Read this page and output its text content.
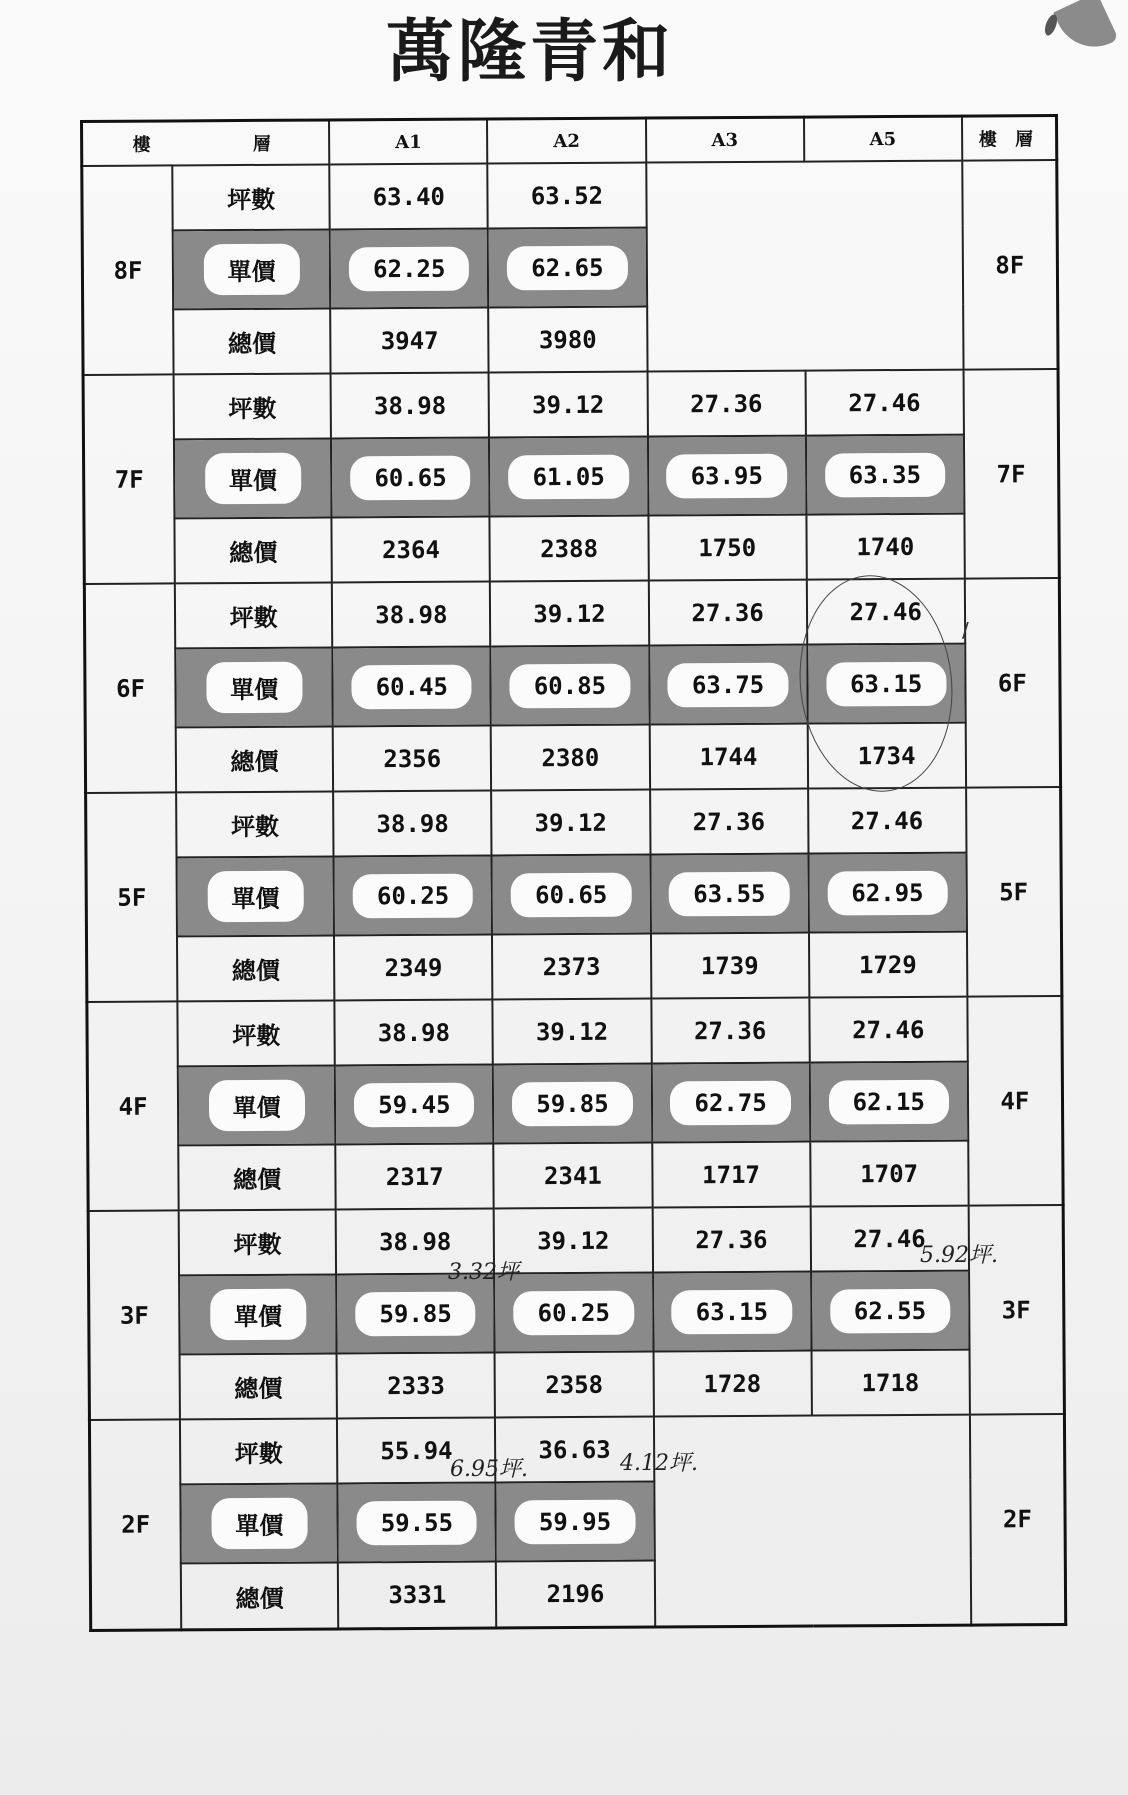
萬隆青和
樓 層		A1	A2	A3	A5	樓 層
8F	坪數	63.40	63.52			8F
	單價	62.25	62.65			
	總價	3947	3980			
7F	坪數	38.98	39.12	27.36	27.46	7F
	單價	60.65	61.05	63.95	63.35	
	總價	2364	2388	1750	1740	
6F	坪數	38.98	39.12	27.36	27.46	6F
	單價	60.45	60.85	63.75	63.15	
	總價	2356	2380	1744	1734	
5F	坪數	38.98	39.12	27.36	27.46	5F
	單價	60.25	60.65	63.55	62.95	
	總價	2349	2373	1739	1729	
4F	坪數	38.98	39.12	27.36	27.46	4F
	單價	59.45	59.85	62.75	62.15	
	總價	2317	2341	1717	1707	
3F	坪數	38.98	39.12	27.36	27.46	3F
	單價	59.85	60.25	63.15	62.55	
	總價	2333	2358	1728	1718	
2F	坪數	55.94	36.63			2F
	單價	59.55	59.95			
	總價	3331	2196			
/
3.32坪
5.92坪.
6.95坪.	4.12坪.
